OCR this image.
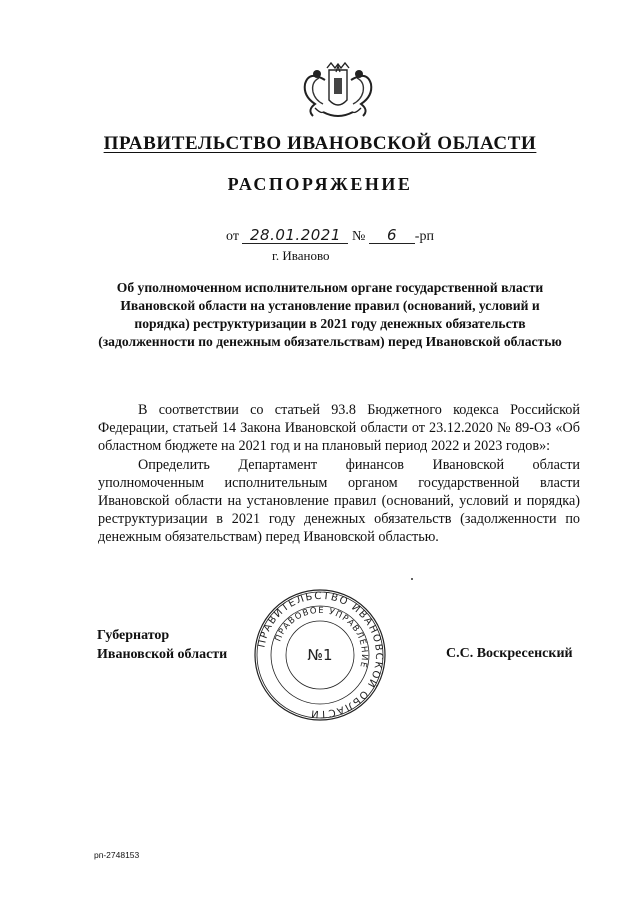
ПРАВИТЕЛЬСТВО ИВАНОВСКОЙ ОБЛАСТИ
РАСПОРЯЖЕНИЕ
от 28.01.2021 № 6 -рп
г. Иваново
Об уполномоченном исполнительном органе государственной власти Ивановской области на установление правил (оснований, условий и порядка) реструктуризации в 2021 году денежных обязательств (задолженности по денежным обязательствам) перед Ивановской областью

В соответствии со статьей 93.8 Бюджетного кодекса Российской Федерации, статьей 14 Закона Ивановской области от 23.12.2020 № 89-ОЗ «Об областном бюджете на 2021 год и на плановый период 2022 и 2023 годов»:

Определить Департамент финансов Ивановской области уполномоченным исполнительным органом государственной власти Ивановской области на установление правил (оснований, условий и порядка) реструктуризации в 2021 году денежных обязательств (задолженности по денежным обязательствам) перед Ивановской областью.

Губернатор
Ивановской области
ПРАВИТЕЛЬСТВО ИВАНОВСКОЙ ОБЛАСТИ
ПРАВОВОЕ УПРАВЛЕНИЕ
№1	С.С. Воскресенский
рп-2748153
